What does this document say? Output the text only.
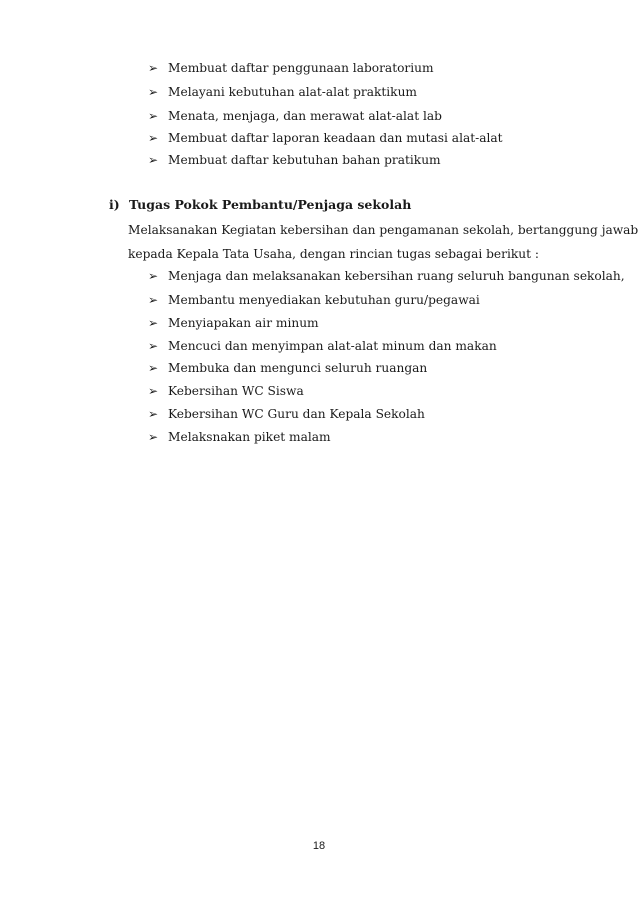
➢ Membuat daftar penggunaan laboratorium
➢ Melayani kebutuhan alat-alat praktikum
➢ Menata, menjaga, dan merawat alat-alat lab
➢ Membuat daftar laporan keadaan dan mutasi alat-alat
➢ Membuat daftar kebutuhan bahan pratikum
i) Tugas Pokok Pembantu/Penjaga sekolah
Melaksanakan Kegiatan kebersihan dan pengamanan sekolah, bertanggung jawab
kepada Kepala Tata Usaha, dengan rincian tugas sebagai berikut :
➢ Menjaga dan melaksanakan kebersihan ruang seluruh bangunan sekolah,
➢ Membantu menyediakan kebutuhan guru/pegawai
➢ Menyiapakan air minum
➢ Mencuci dan menyimpan alat-alat minum dan makan
➢ Membuka dan mengunci seluruh ruangan
➢ Kebersihan WC Siswa
➢ Kebersihan WC Guru dan Kepala Sekolah
➢ Melaksnakan piket malam
18
